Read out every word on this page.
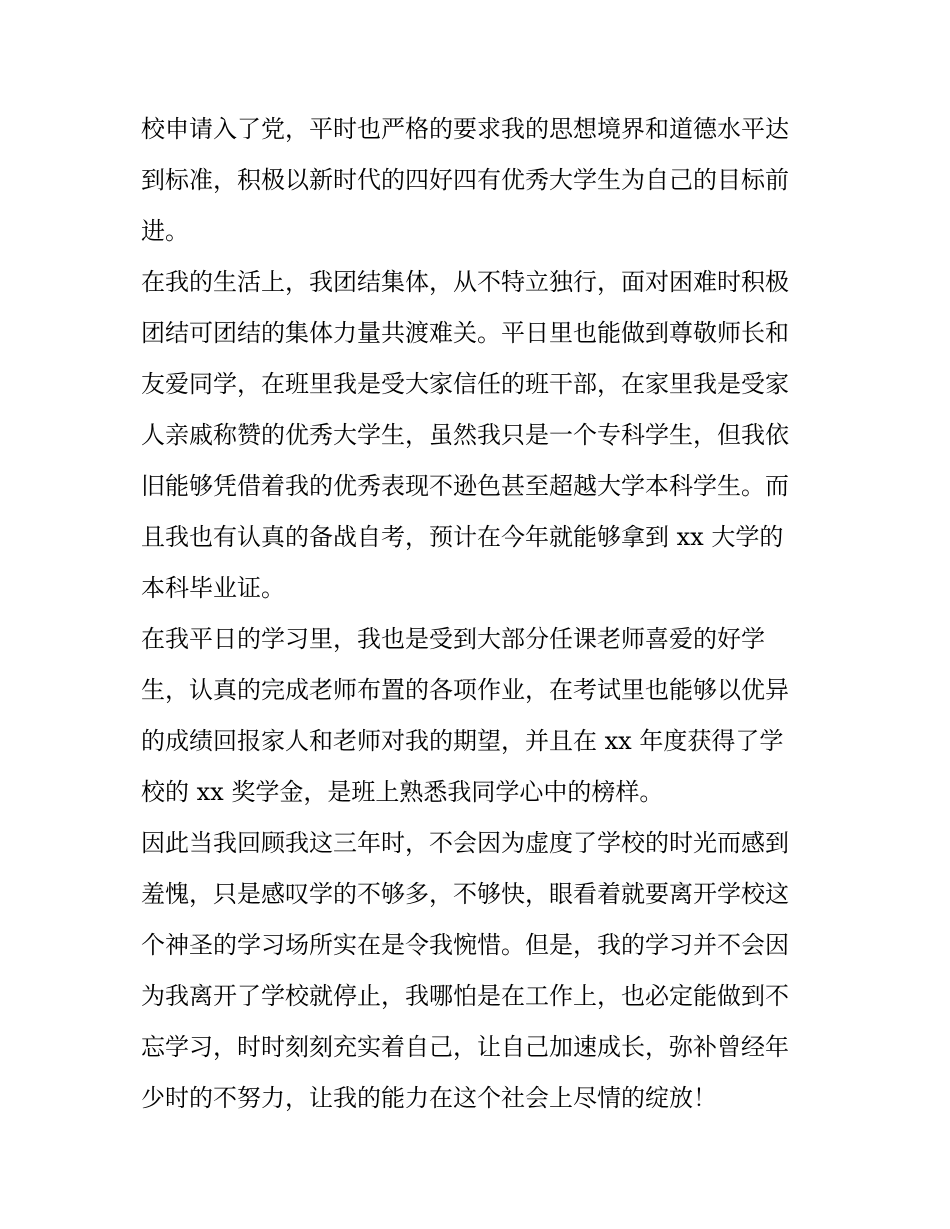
校申请入了党，平时也严格的要求我的思想境界和道德水平达
到标准，积极以新时代的四好四有优秀大学生为自己的目标前
进。
在我的生活上，我团结集体，从不特立独行，面对困难时积极
团结可团结的集体力量共渡难关。平日里也能做到尊敬师长和
友爱同学，在班里我是受大家信任的班干部，在家里我是受家
人亲戚称赞的优秀大学生，虽然我只是一个专科学生，但我依
旧能够凭借着我的优秀表现不逊色甚至超越大学本科学生。而
且我也有认真的备战自考，预计在今年就能够拿到 xx 大学的
本科毕业证。
在我平日的学习里，我也是受到大部分任课老师喜爱的好学
生，认真的完成老师布置的各项作业，在考试里也能够以优异
的成绩回报家人和老师对我的期望，并且在 xx 年度获得了学
校的 xx 奖学金，是班上熟悉我同学心中的榜样。
因此当我回顾我这三年时，不会因为虚度了学校的时光而感到
羞愧，只是感叹学的不够多，不够快，眼看着就要离开学校这
个神圣的学习场所实在是令我惋惜。但是，我的学习并不会因
为我离开了学校就停止，我哪怕是在工作上，也必定能做到不
忘学习，时时刻刻充实着自己，让自己加速成长，弥补曾经年
少时的不努力，让我的能力在这个社会上尽情的绽放！
